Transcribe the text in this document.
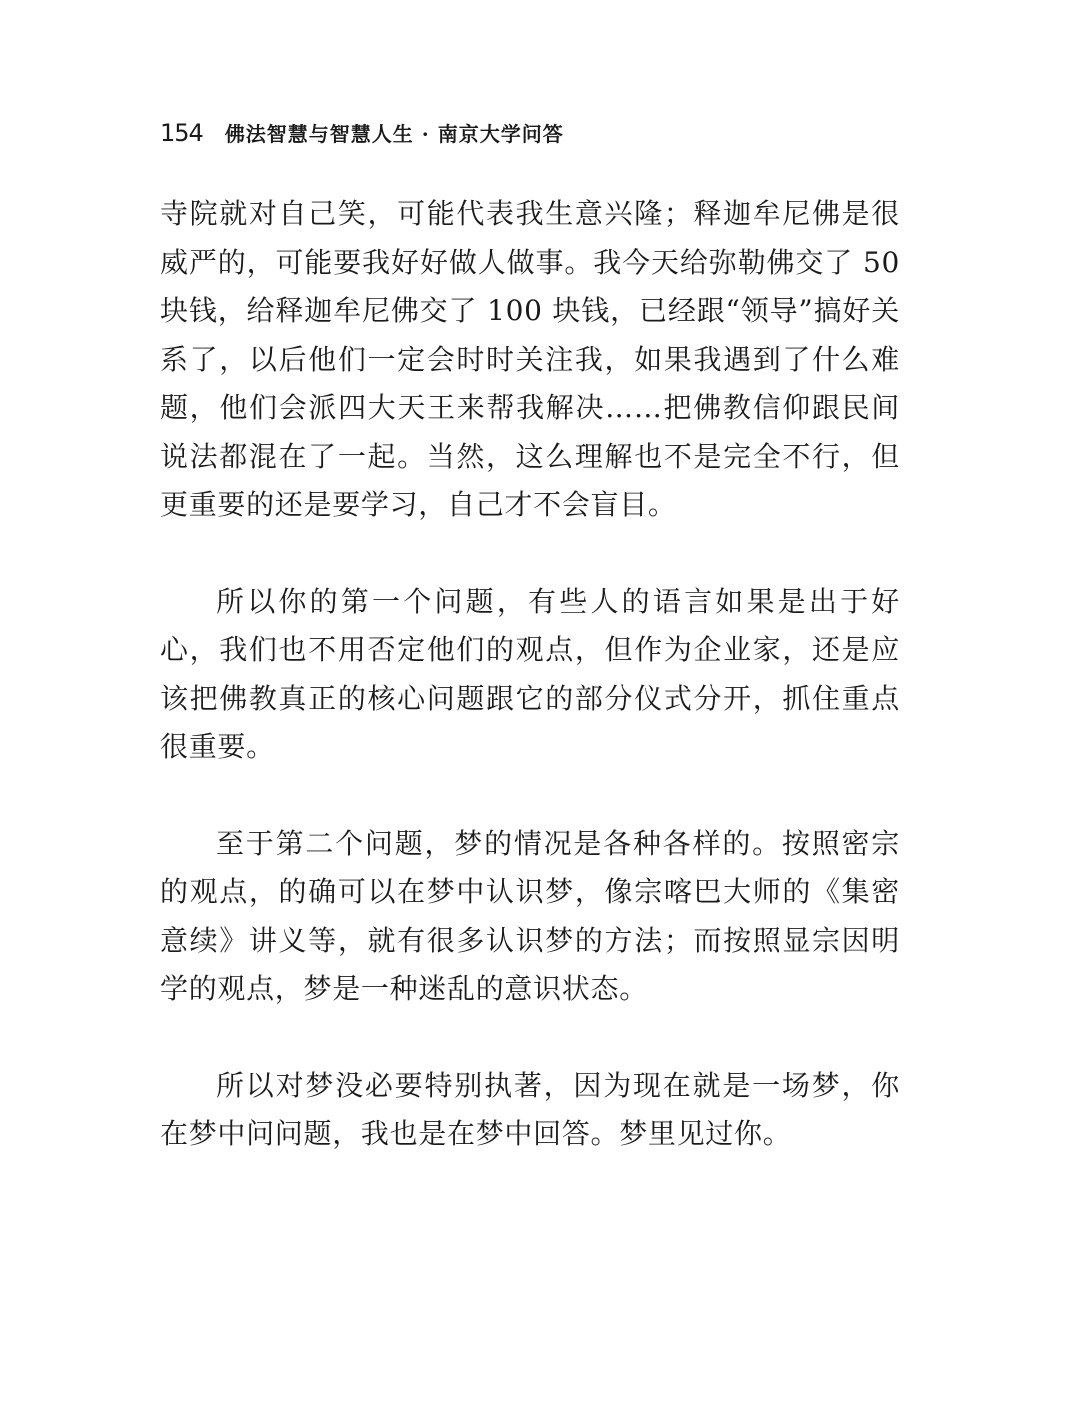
154 佛法智慧与智慧人生 · 南京大学问答

寺院就对自己笑，可能代表我生意兴隆；释迦牟尼佛是很威严的，可能要我好好做人做事。我今天给弥勒佛交了 50 块钱，给释迦牟尼佛交了 100 块钱，已经跟“领导”搞好关系了，以后他们一定会时时关注我，如果我遇到了什么难题，他们会派四大天王来帮我解决……把佛教信仰跟民间说法都混在了一起。当然，这么理解也不是完全不行，但更重要的还是要学习，自己才不会盲目。

所以你的第一个问题，有些人的语言如果是出于好心，我们也不用否定他们的观点，但作为企业家，还是应该把佛教真正的核心问题跟它的部分仪式分开，抓住重点很重要。

至于第二个问题，梦的情况是各种各样的。按照密宗的观点，的确可以在梦中认识梦，像宗喀巴大师的《集密意续》讲义等，就有很多认识梦的方法；而按照显宗因明学的观点，梦是一种迷乱的意识状态。

所以对梦没必要特别执著，因为现在就是一场梦，你在梦中问问题，我也是在梦中回答。梦里见过你。
